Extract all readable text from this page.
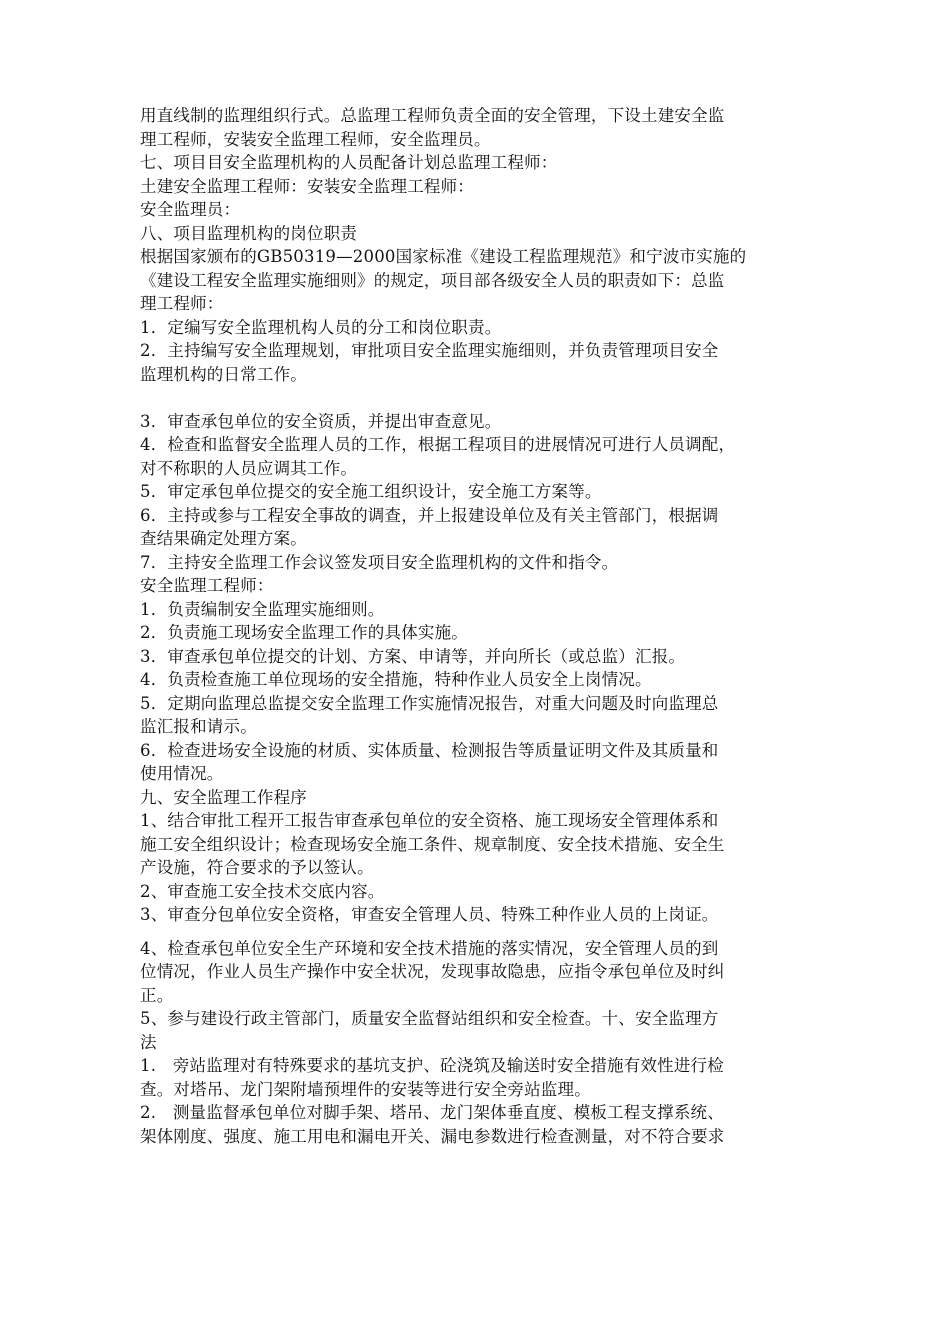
用直线制的监理组织行式。总监理工程师负责全面的安全管理，下设土建安全监
理工程师，安装安全监理工程师，安全监理员。
七、项目目安全监理机构的人员配备计划总监理工程师：
土建安全监理工程师：安装安全监理工程师：
安全监理员：
八、项目监理机构的岗位职责
根据国家颁布的GB50319—2000国家标准《建设工程监理规范》和宁波市实施的
《建设工程安全监理实施细则》的规定，项目部各级安全人员的职责如下：总监
理工程师：
1．定编写安全监理机构人员的分工和岗位职责。
2．主持编写安全监理规划，审批项目安全监理实施细则，并负责管理项目安全
监理机构的日常工作。
3．审查承包单位的安全资质，并提出审查意见。
4．检查和监督安全监理人员的工作，根据工程项目的进展情况可进行人员调配，
对不称职的人员应调其工作。
5．审定承包单位提交的安全施工组织设计，安全施工方案等。
6．主持或参与工程安全事故的调查，并上报建设单位及有关主管部门，根据调
查结果确定处理方案。
7．主持安全监理工作会议签发项目安全监理机构的文件和指令。
安全监理工程师：
1．负责编制安全监理实施细则。
2．负责施工现场安全监理工作的具体实施。
3．审查承包单位提交的计划、方案、申请等，并向所长（或总监）汇报。
4．负责检查施工单位现场的安全措施，特种作业人员安全上岗情况。
5．定期向监理总监提交安全监理工作实施情况报告，对重大问题及时向监理总
监汇报和请示。
6．检查进场安全设施的材质、实体质量、检测报告等质量证明文件及其质量和
使用情况。
九、安全监理工作程序
1、结合审批工程开工报告审查承包单位的安全资格、施工现场安全管理体系和
施工安全组织设计；检查现场安全施工条件、规章制度、安全技术措施、安全生
产设施，符合要求的予以签认。
2、审查施工安全技术交底内容。
3、审查分包单位安全资格，审查安全管理人员、特殊工种作业人员的上岗证。
4、检查承包单位安全生产环境和安全技术措施的落实情况，安全管理人员的到
位情况，作业人员生产操作中安全状况，发现事故隐患，应指令承包单位及时纠
正。
5、参与建设行政主管部门，质量安全监督站组织和安全检查。十、安全监理方
法
1.　旁站监理对有特殊要求的基坑支护、砼浇筑及输送时安全措施有效性进行检
查。对塔吊、龙门架附墙预埋件的安装等进行安全旁站监理。
2.　测量监督承包单位对脚手架、塔吊、龙门架体垂直度、模板工程支撑系统、
架体刚度、强度、施工用电和漏电开关、漏电参数进行检查测量，对不符合要求
